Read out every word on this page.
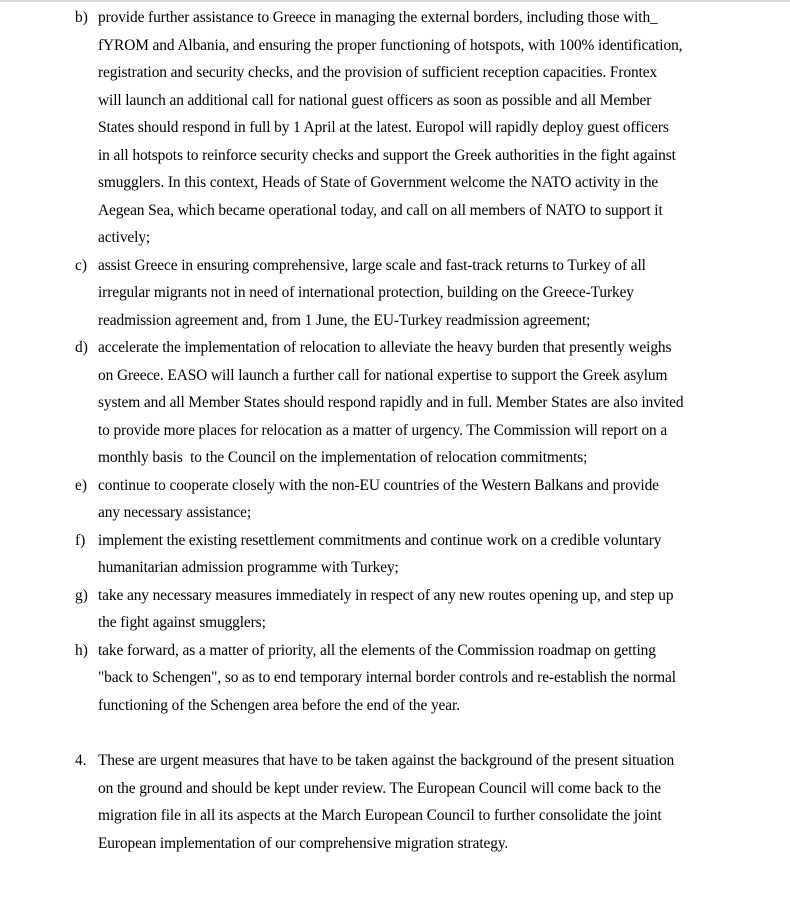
b) provide further assistance to Greece in managing the external borders, including those with_
fYROM and Albania, and ensuring the proper functioning of hotspots, with 100% identification,
registration and security checks, and the provision of sufficient reception capacities. Frontex
will launch an additional call for national guest officers as soon as possible and all Member
States should respond in full by 1 April at the latest. Europol will rapidly deploy guest officers
in all hotspots to reinforce security checks and support the Greek authorities in the fight against
smugglers. In this context, Heads of State of Government welcome the NATO activity in the
Aegean Sea, which became operational today, and call on all members of NATO to support it
actively;
c) assist Greece in ensuring comprehensive, large scale and fast-track returns to Turkey of all
irregular migrants not in need of international protection, building on the Greece-Turkey
readmission agreement and, from 1 June, the EU-Turkey readmission agreement;
d) accelerate the implementation of relocation to alleviate the heavy burden that presently weighs
on Greece. EASO will launch a further call for national expertise to support the Greek asylum
system and all Member States should respond rapidly and in full. Member States are also invited
to provide more places for relocation as a matter of urgency. The Commission will report on a
monthly basis  to the Council on the implementation of relocation commitments;
e) continue to cooperate closely with the non-EU countries of the Western Balkans and provide
any necessary assistance;
f) implement the existing resettlement commitments and continue work on a credible voluntary
humanitarian admission programme with Turkey;
g) take any necessary measures immediately in respect of any new routes opening up, and step up
the fight against smugglers;
h) take forward, as a matter of priority, all the elements of the Commission roadmap on getting
"back to Schengen", so as to end temporary internal border controls and re-establish the normal
functioning of the Schengen area before the end of the year.
4. These are urgent measures that have to be taken against the background of the present situation
on the ground and should be kept under review. The European Council will come back to the
migration file in all its aspects at the March European Council to further consolidate the joint
European implementation of our comprehensive migration strategy.
